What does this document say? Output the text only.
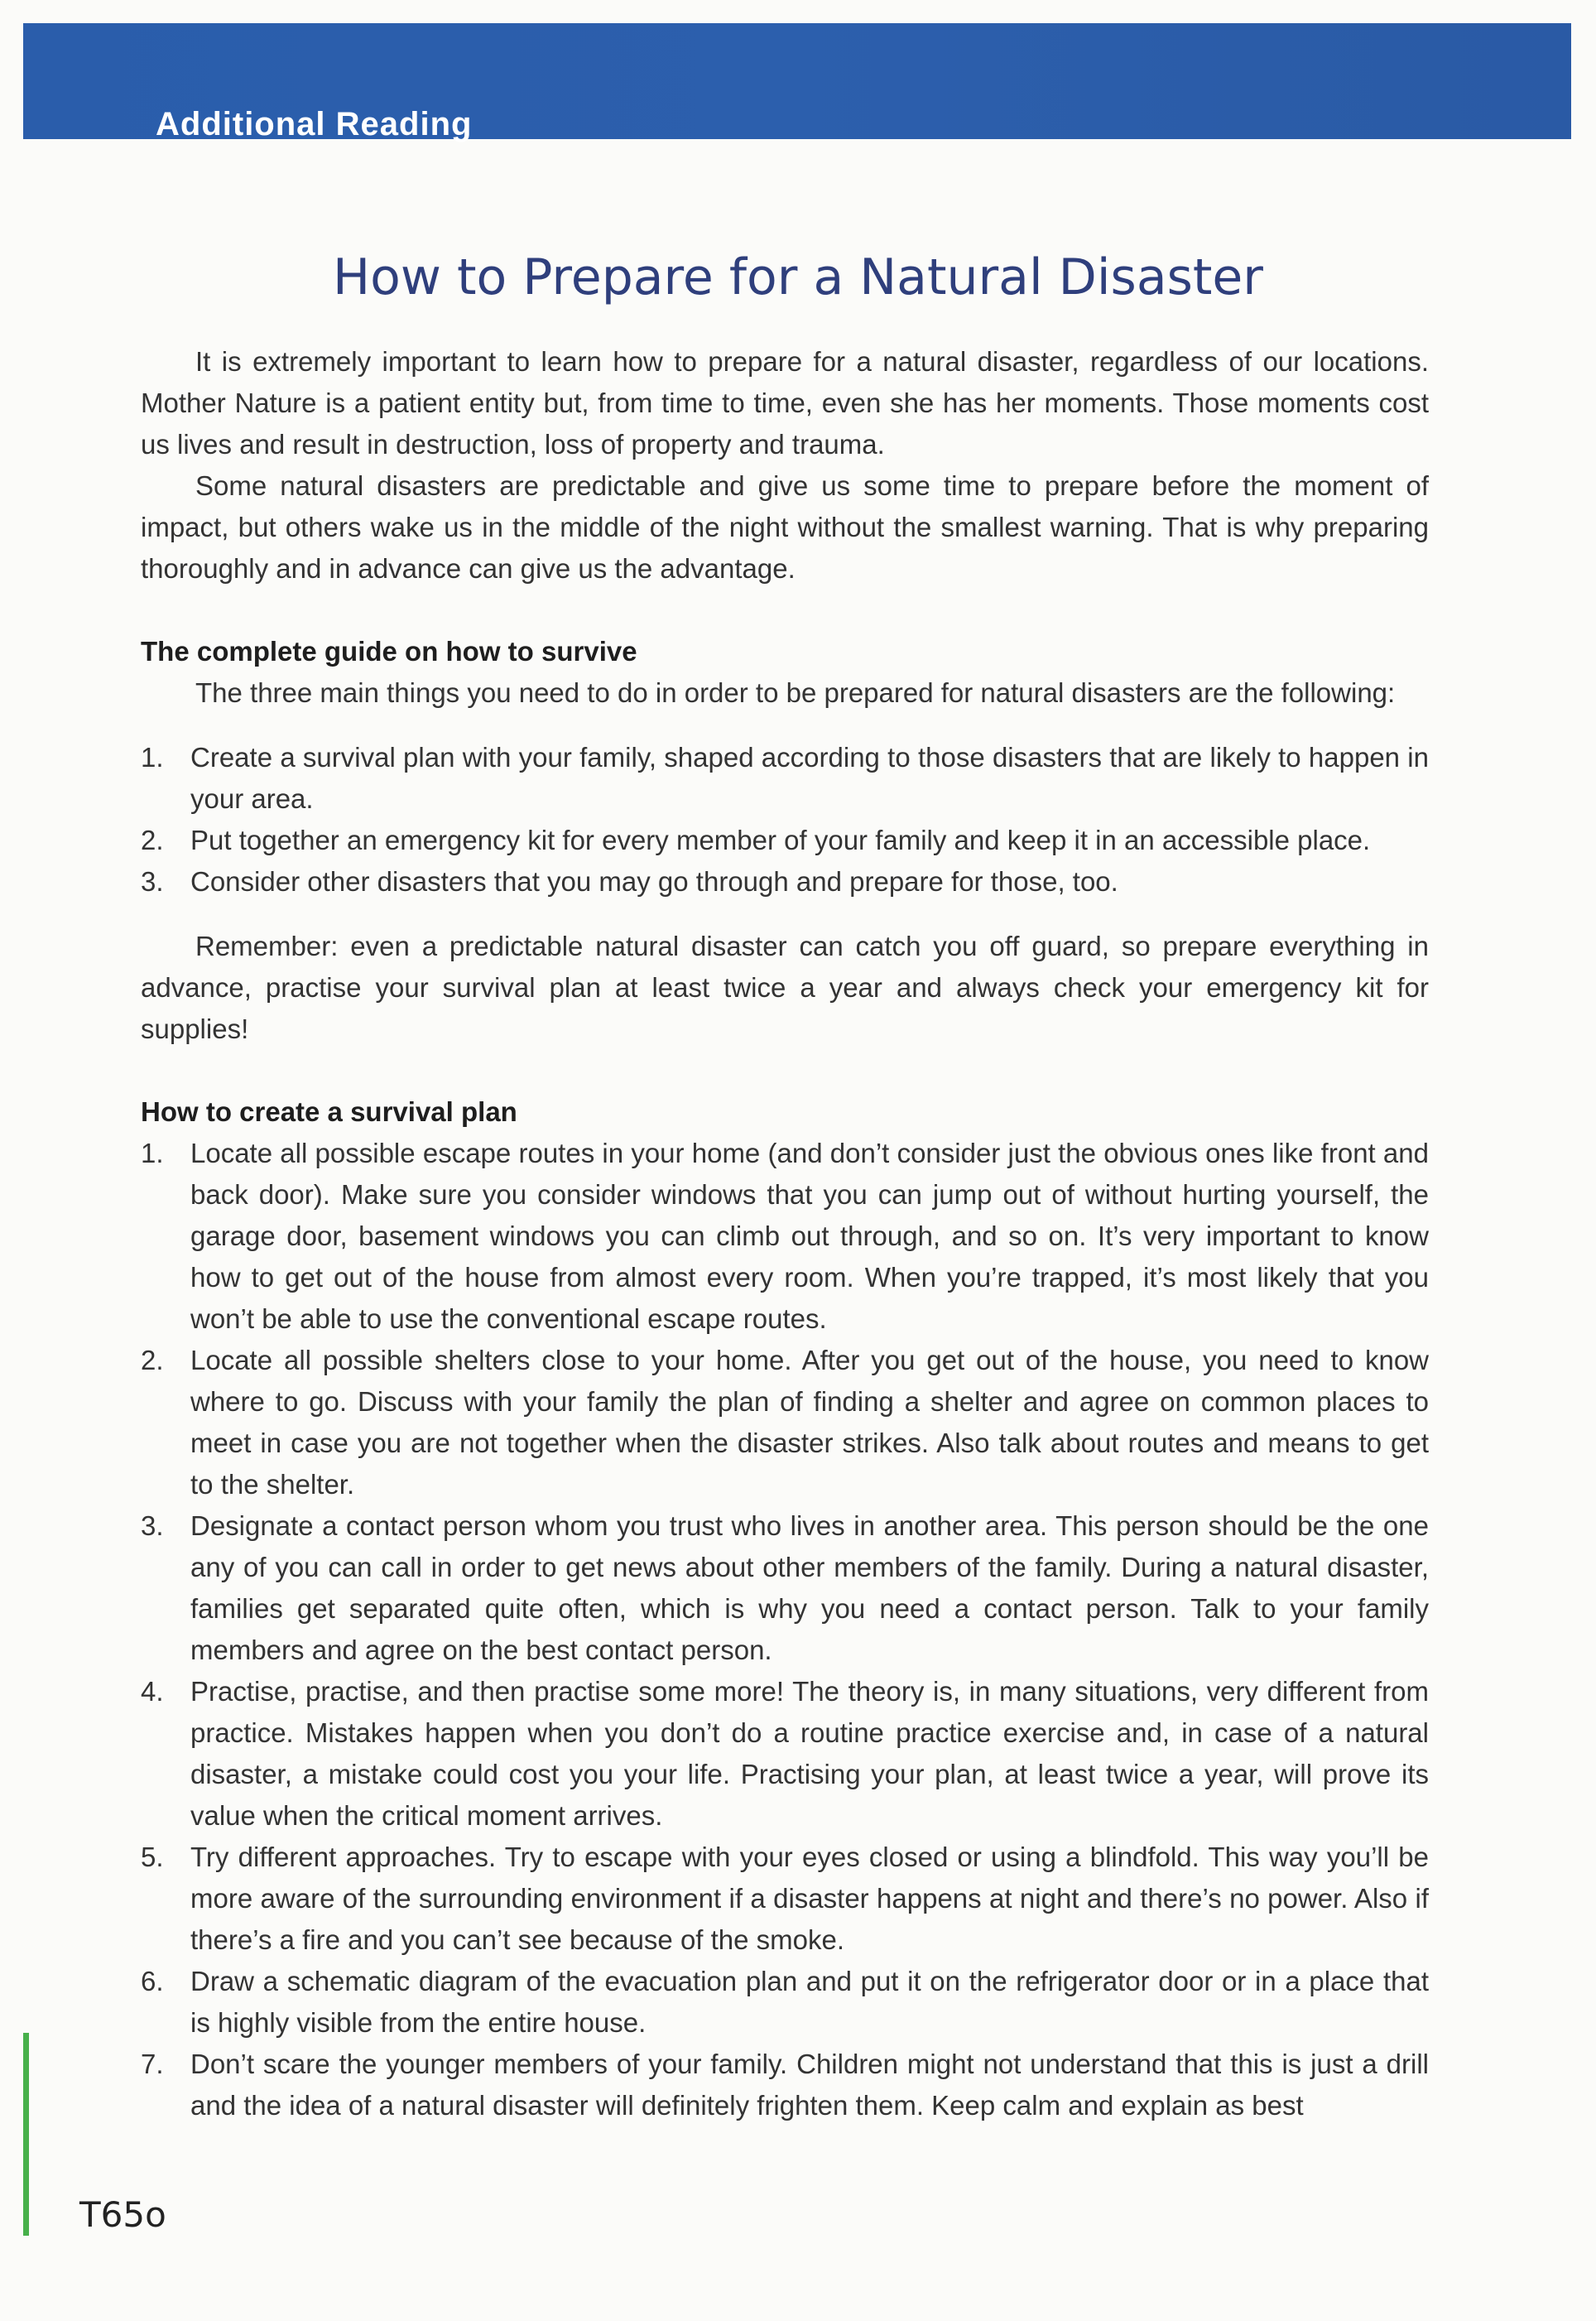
Additional Reading
How to Prepare for a Natural Disaster

It is extremely important to learn how to prepare for a natural disaster, regardless of our locations. Mother Nature is a patient entity but, from time to time, even she has her moments. Those moments cost us lives and result in destruction, loss of property and trauma.

Some natural disasters are predictable and give us some time to prepare before the moment of impact, but others wake us in the middle of the night without the smallest warning. That is why preparing thoroughly and in advance can give us the advantage.

The complete guide on how to survive

The three main things you need to do in order to be prepared for natural disasters are the following:

1. Create a survival plan with your family, shaped according to those disasters that are likely to happen in your area.
2. Put together an emergency kit for every member of your family and keep it in an accessible place.
3. Consider other disasters that you may go through and prepare for those, too.

Remember: even a predictable natural disaster can catch you off guard, so prepare everything in advance, practise your survival plan at least twice a year and always check your emergency kit for supplies!

How to create a survival plan
1. Locate all possible escape routes in your home (and don’t consider just the obvious ones like front and back door). Make sure you consider windows that you can jump out of without hurting yourself, the garage door, basement windows you can climb out through, and so on. It’s very important to know how to get out of the house from almost every room. When you’re trapped, it’s most likely that you won’t be able to use the conventional escape routes.
2. Locate all possible shelters close to your home. After you get out of the house, you need to know where to go. Discuss with your family the plan of finding a shelter and agree on common places to meet in case you are not together when the disaster strikes. Also talk about routes and means to get to the shelter.
3. Designate a contact person whom you trust who lives in another area. This person should be the one any of you can call in order to get news about other members of the family. During a natural disaster, families get separated quite often, which is why you need a contact person. Talk to your family members and agree on the best contact person.
4. Practise, practise, and then practise some more! The theory is, in many situations, very different from practice. Mistakes happen when you don’t do a routine practice exercise and, in case of a natural disaster, a mistake could cost you your life. Practising your plan, at least twice a year, will prove its value when the critical moment arrives.
5. Try different approaches. Try to escape with your eyes closed or using a blindfold. This way you’ll be more aware of the surrounding environment if a disaster happens at night and there’s no power. Also if there’s a fire and you can’t see because of the smoke.
6. Draw a schematic diagram of the evacuation plan and put it on the refrigerator door or in a place that is highly visible from the entire house.
7. Don’t scare the younger members of your family. Children might not understand that this is just a drill and the idea of a natural disaster will definitely frighten them. Keep calm and explain as best
T65o
